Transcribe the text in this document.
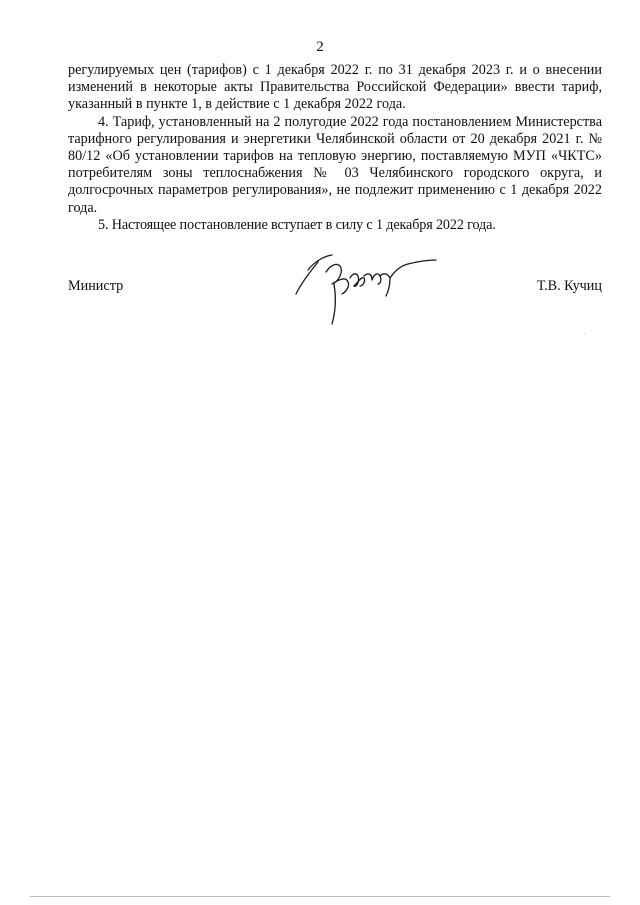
2

регулируемых цен (тарифов) с 1 декабря 2022 г. по 31 декабря 2023 г. и о внесении изменений в некоторые акты Правительства Российской Федерации» ввести тариф, указанный в пункте 1, в действие с 1 декабря 2022 года.

4. Тариф, установленный на 2 полугодие 2022 года постановлением Министерства тарифного регулирования и энергетики Челябинской области от 20 декабря 2021 г. № 80/12 «Об установлении тарифов на тепловую энергию, поставляемую МУП «ЧКТС» потребителям зоны теплоснабжения № 03 Челябинского городского округа, и долгосрочных параметров регулирования», не подлежит применению с 1 декабря 2022 года.

5. Настоящее постановление вступает в силу с 1 декабря 2022 года.

Министр	Т.В. Кучиц
